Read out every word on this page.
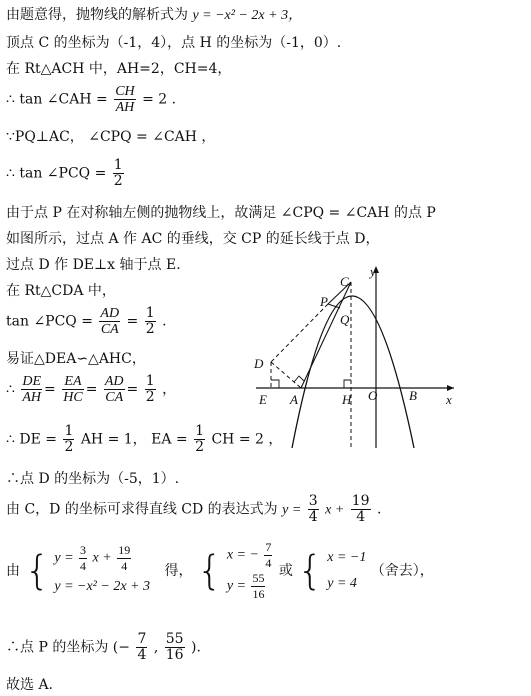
由题意得，抛物线的解析式为 y = −x² − 2x + 3，
顶点 C 的坐标为（-1，4），点 H 的坐标为（-1，0）.
在 Rt△ACH 中，AH=2，CH=4，
∴ tan ∠CAH = $\frac{CH}{AH} = 2$ .
∵PQ⊥AC， ∠CPQ = ∠CAH ，
∴ tan ∠PCQ = $\frac{1}{2}$
由于点 P 在对称轴左侧的抛物线上，故满足 ∠CPQ = ∠CAH 的点 P
如图所示，过点 A 作 AC 的垂线，交 CP 的延长线于点 D，
过点 D 作 DE⊥x 轴于点 E.
在 Rt△CDA 中，
tan ∠PCQ = $\frac{AD}{CA} = \frac{1}{2}$ .
易证△DEA∽△AHC，
∴ $\frac{DE}{AH} = \frac{EA}{HC} = \frac{AD}{CA} = \frac{1}{2}$ ，
∴ DE = $\frac{1}{2}$ AH = 1， EA = $\frac{1}{2}$ CH = 2 ，
∴点 D 的坐标为（-5，1）.
由 C，D 的坐标可求得直线 CD 的表达式为 $y = \frac{3}{4}$ $x + \frac{19}{4}$ .
由 { $y = \frac{3}{4}$ $x + \frac{19}{4}$
y = −x² − 2x + 3
得， { x = − $\frac{7}{4}$
$y = \frac{55}{16}$ 或 { x = −1
y = 4
（舍去），
∴点 P 的坐标为 (− $\frac{7}{4}$ , $\frac{55}{16}$ ).
故选 A.
C
y
P
Q
D
E A	H O B x
